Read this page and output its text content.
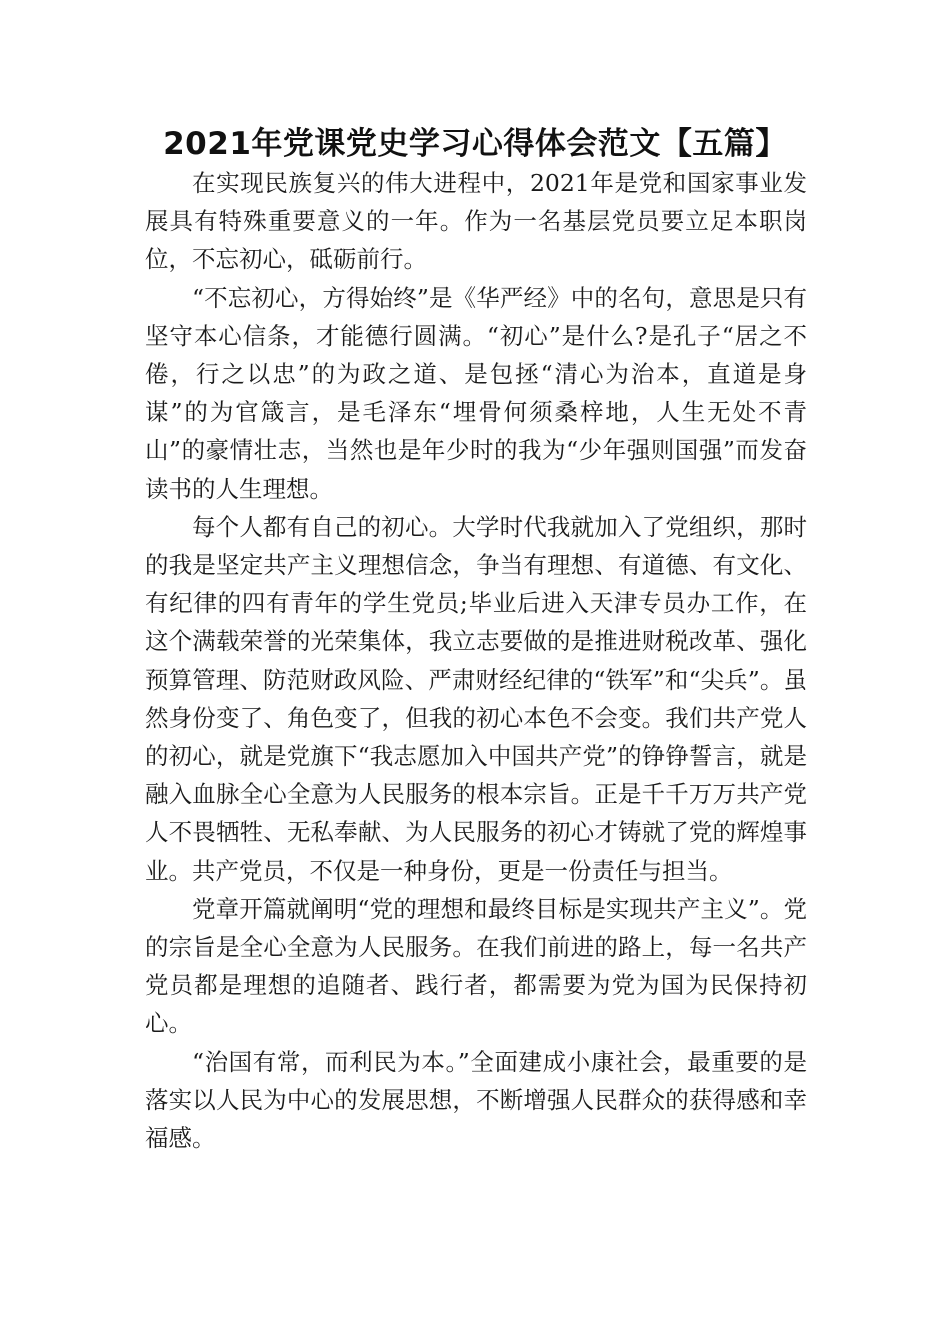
2021年党课党史学习心得体会范文【五篇】

在实现民族复兴的伟大进程中，2021年是党和国家事业发展具有特殊重要意义的一年。作为一名基层党员要立足本职岗位，不忘初心，砥砺前行。

“不忘初心，方得始终”是《华严经》中的名句，意思是只有坚守本心信条，才能德行圆满。“初心”是什么?是孔子“居之不倦，行之以忠”的为政之道、是包拯“清心为治本，直道是身谋”的为官箴言，是毛泽东“埋骨何须桑梓地，人生无处不青山”的豪情壮志，当然也是年少时的我为“少年强则国强”而发奋读书的人生理想。

每个人都有自己的初心。大学时代我就加入了党组织，那时的我是坚定共产主义理想信念，争当有理想、有道德、有文化、有纪律的四有青年的学生党员;毕业后进入天津专员办工作，在这个满载荣誉的光荣集体，我立志要做的是推进财税改革、强化预算管理、防范财政风险、严肃财经纪律的“铁军”和“尖兵”。虽然身份变了、角色变了，但我的初心本色不会变。我们共产党人的初心，就是党旗下“我志愿加入中国共产党”的铮铮誓言，就是融入血脉全心全意为人民服务的根本宗旨。正是千千万万共产党人不畏牺牲、无私奉献、为人民服务的初心才铸就了党的辉煌事业。共产党员，不仅是一种身份，更是一份责任与担当。

党章开篇就阐明“党的理想和最终目标是实现共产主义”。党的宗旨是全心全意为人民服务。在我们前进的路上，每一名共产党员都是理想的追随者、践行者，都需要为党为国为民保持初心。

“治国有常，而利民为本。”全面建成小康社会，最重要的是落实以人民为中心的发展思想，不断增强人民群众的获得感和幸福感。
